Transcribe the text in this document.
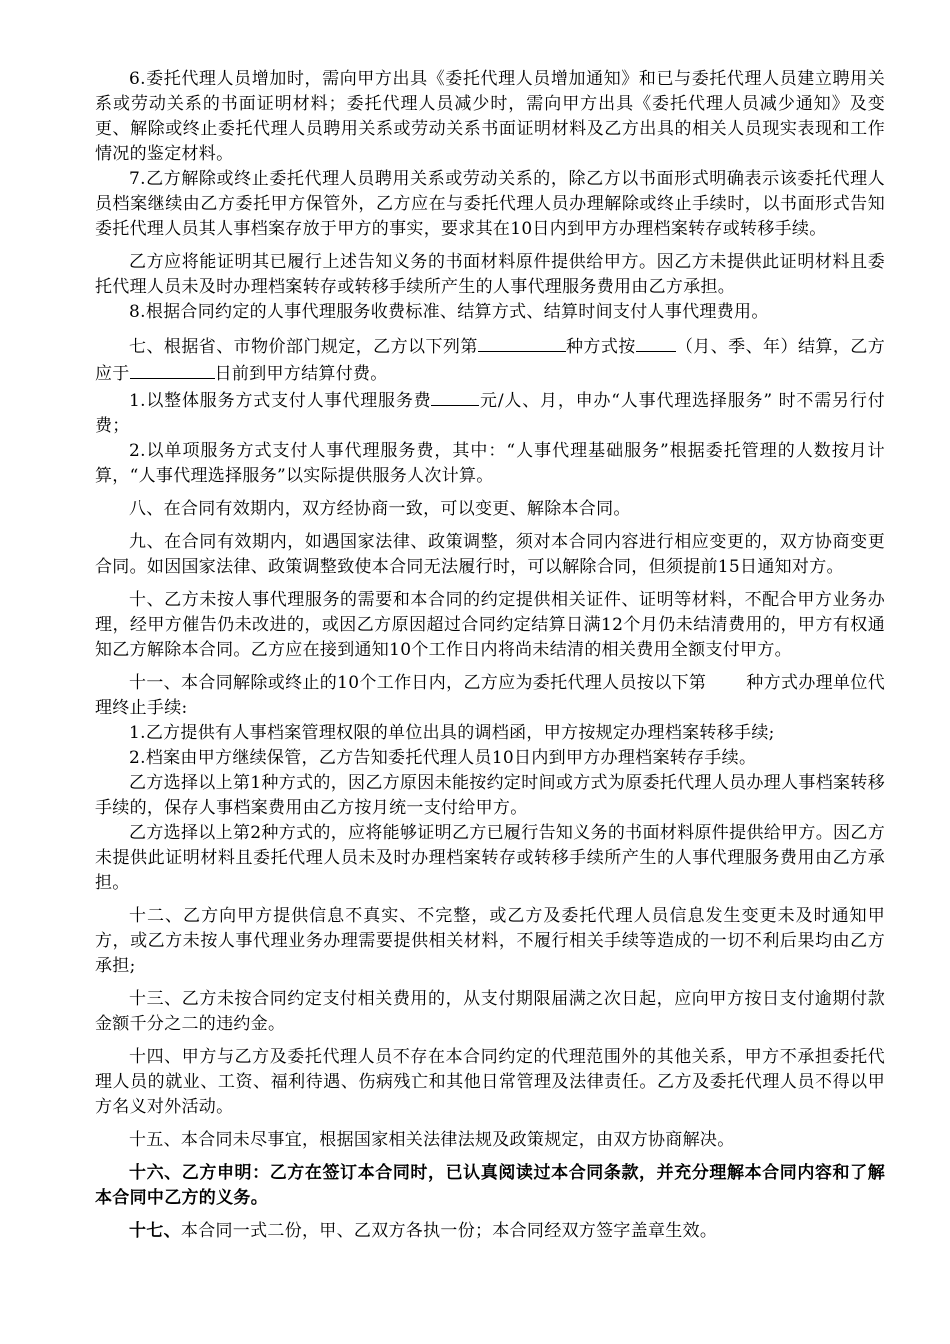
6.委托代理人员增加时，需向甲方出具《委托代理人员增加通知》和已与委托代理人员建立聘用关系或劳动关系的书面证明材料；委托代理人员减少时，需向甲方出具《委托代理人员减少通知》及变更、解除或终止委托代理人员聘用关系或劳动关系书面证明材料及乙方出具的相关人员现实表现和工作情况的鉴定材料。

7.乙方解除或终止委托代理人员聘用关系或劳动关系的，除乙方以书面形式明确表示该委托代理人员档案继续由乙方委托甲方保管外，乙方应在与委托代理人员办理解除或终止手续时，以书面形式告知委托代理人员其人事档案存放于甲方的事实，要求其在10日内到甲方办理档案转存或转移手续。

乙方应将能证明其已履行上述告知义务的书面材料原件提供给甲方。因乙方未提供此证明材料且委托代理人员未及时办理档案转存或转移手续所产生的人事代理服务费用由乙方承担。

8.根据合同约定的人事代理服务收费标准、结算方式、结算时间支付人事代理费用。

七、根据省、市物价部门规定，乙方以下列第	种方式按 （月、季、年）结算，乙方应于	日前到甲方结算付费。

1.以整体服务方式支付人事代理服务费	元/人、月，申办“人事代理选择服务” 时不需另行付费；

2.以单项服务方式支付人事代理服务费，其中：“人事代理基础服务”根据委托管理的人数按月计算，“人事代理选择服务”以实际提供服务人次计算。

八、在合同有效期内，双方经协商一致，可以变更、解除本合同。

九、在合同有效期内，如遇国家法律、政策调整，须对本合同内容进行相应变更的，双方协商变更合同。如因国家法律、政策调整致使本合同无法履行时，可以解除合同，但须提前15日通知对方。

十、乙方未按人事代理服务的需要和本合同的约定提供相关证件、证明等材料，不配合甲方业务办理，经甲方催告仍未改进的，或因乙方原因超过合同约定结算日满12个月仍未结清费用的，甲方有权通知乙方解除本合同。乙方应在接到通知10个工作日内将尚未结清的相关费用全额支付甲方。

十一、本合同解除或终止的10个工作日内，乙方应为委托代理人员按以下第 种方式办理单位代理终止手续:

1.乙方提供有人事档案管理权限的单位出具的调档函，甲方按规定办理档案转移手续;

2.档案由甲方继续保管，乙方告知委托代理人员10日内到甲方办理档案转存手续。

乙方选择以上第1种方式的，因乙方原因未能按约定时间或方式为原委托代理人员办理人事档案转移手续的，保存人事档案费用由乙方按月统一支付给甲方。

乙方选择以上第2种方式的，应将能够证明乙方已履行告知义务的书面材料原件提供给甲方。因乙方未提供此证明材料且委托代理人员未及时办理档案转存或转移手续所产生的人事代理服务费用由乙方承担。

十二、乙方向甲方提供信息不真实、不完整，或乙方及委托代理人员信息发生变更未及时通知甲方，或乙方未按人事代理业务办理需要提供相关材料，不履行相关手续等造成的一切不利后果均由乙方承担;

十三、乙方未按合同约定支付相关费用的，从支付期限届满之次日起，应向甲方按日支付逾期付款金额千分之二的违约金。

十四、甲方与乙方及委托代理人员不存在本合同约定的代理范围外的其他关系，甲方不承担委托代理人员的就业、工资、福利待遇、伤病残亡和其他日常管理及法律责任。乙方及委托代理人员不得以甲方名义对外活动。

十五、本合同未尽事宜，根据国家相关法律法规及政策规定，由双方协商解决。

十六、乙方申明：乙方在签订本合同时，已认真阅读过本合同条款，并充分理解本合同内容和了解本合同中乙方的义务。

十七、本合同一式二份，甲、乙双方各执一份；本合同经双方签字盖章生效。
